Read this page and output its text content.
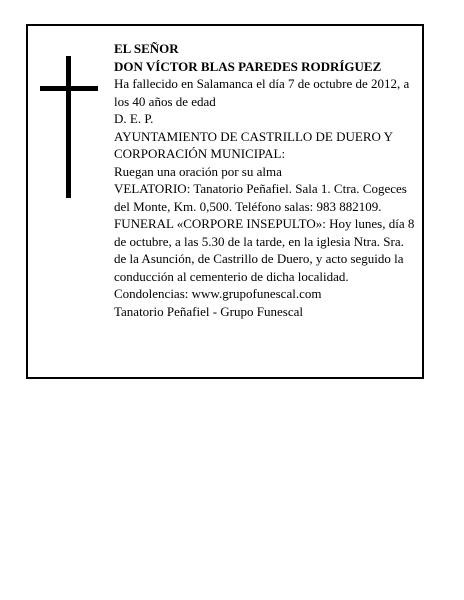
EL SEÑOR
DON VÍCTOR BLAS PAREDES RODRÍGUEZ
Ha fallecido en Salamanca el día 7 de octubre de 2012, a los 40 años de edad
D. E. P.
AYUNTAMIENTO DE CASTRILLO DE DUERO Y CORPORACIÓN MUNICIPAL:
Ruegan una oración por su alma
VELATORIO: Tanatorio Peñafiel. Sala 1. Ctra. Cogeces del Monte, Km. 0,500. Teléfono salas: 983 882109.
FUNERAL «CORPORE INSEPULTO»: Hoy lunes, día 8 de octubre, a las 5.30 de la tarde, en la iglesia Ntra. Sra. de la Asunción, de Castrillo de Duero, y acto seguido la conducción al cementerio de dicha localidad.
Condolencias: www.grupofunescal.com
Tanatorio Peñafiel - Grupo Funescal
